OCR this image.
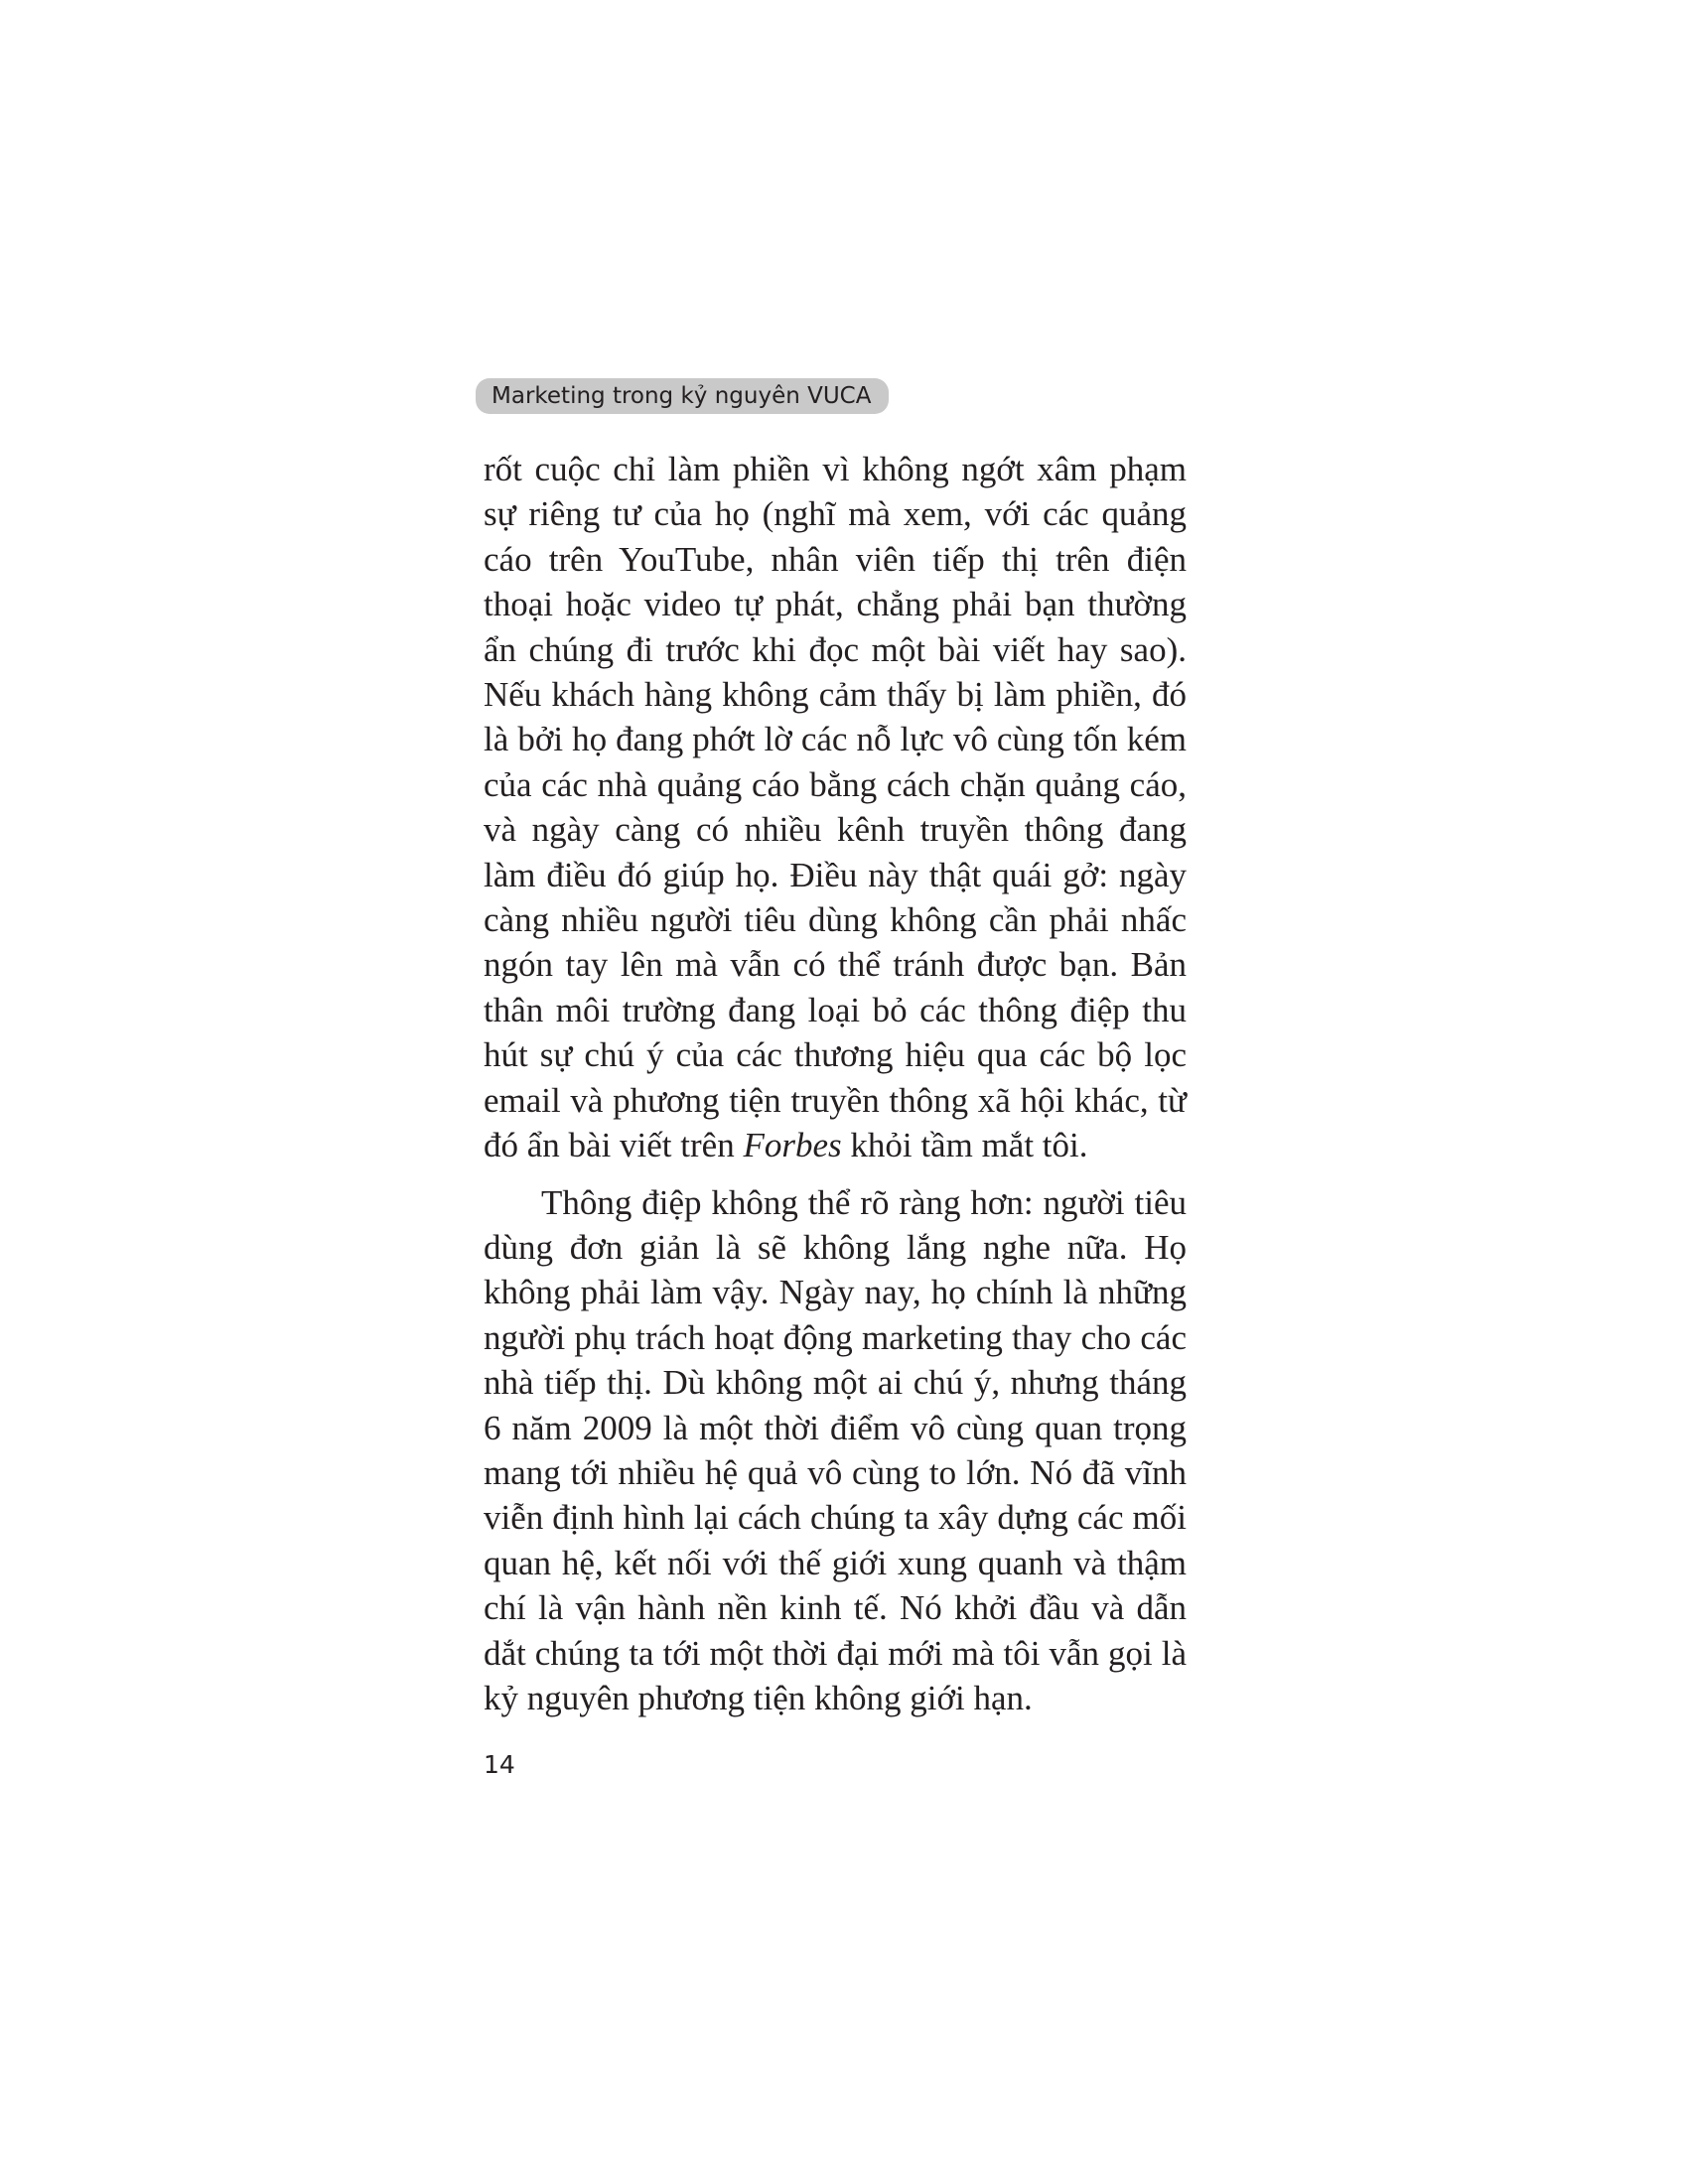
Marketing trong kỷ nguyên VUCA

rốt cuộc chỉ làm phiền vì không ngớt xâm phạm sự riêng tư của họ (nghĩ mà xem, với các quảng cáo trên YouTube, nhân viên tiếp thị trên điện thoại hoặc video tự phát, chẳng phải bạn thường ẩn chúng đi trước khi đọc một bài viết hay sao). Nếu khách hàng không cảm thấy bị làm phiền, đó là bởi họ đang phớt lờ các nỗ lực vô cùng tốn kém của các nhà quảng cáo bằng cách chặn quảng cáo, và ngày càng có nhiều kênh truyền thông đang làm điều đó giúp họ. Điều này thật quái gở: ngày càng nhiều người tiêu dùng không cần phải nhấc ngón tay lên mà vẫn có thể tránh được bạn. Bản thân môi trường đang loại bỏ các thông điệp thu hút sự chú ý của các thương hiệu qua các bộ lọc email và phương tiện truyền thông xã hội khác, từ đó ẩn bài viết trên Forbes khỏi tầm mắt tôi.

Thông điệp không thể rõ ràng hơn: người tiêu dùng đơn giản là sẽ không lắng nghe nữa. Họ không phải làm vậy. Ngày nay, họ chính là những người phụ trách hoạt động marketing thay cho các nhà tiếp thị. Dù không một ai chú ý, nhưng tháng 6 năm 2009 là một thời điểm vô cùng quan trọng mang tới nhiều hệ quả vô cùng to lớn. Nó đã vĩnh viễn định hình lại cách chúng ta xây dựng các mối quan hệ, kết nối với thế giới xung quanh và thậm chí là vận hành nền kinh tế. Nó khởi đầu và dẫn dắt chúng ta tới một thời đại mới mà tôi vẫn gọi là kỷ nguyên phương tiện không giới hạn.

14
